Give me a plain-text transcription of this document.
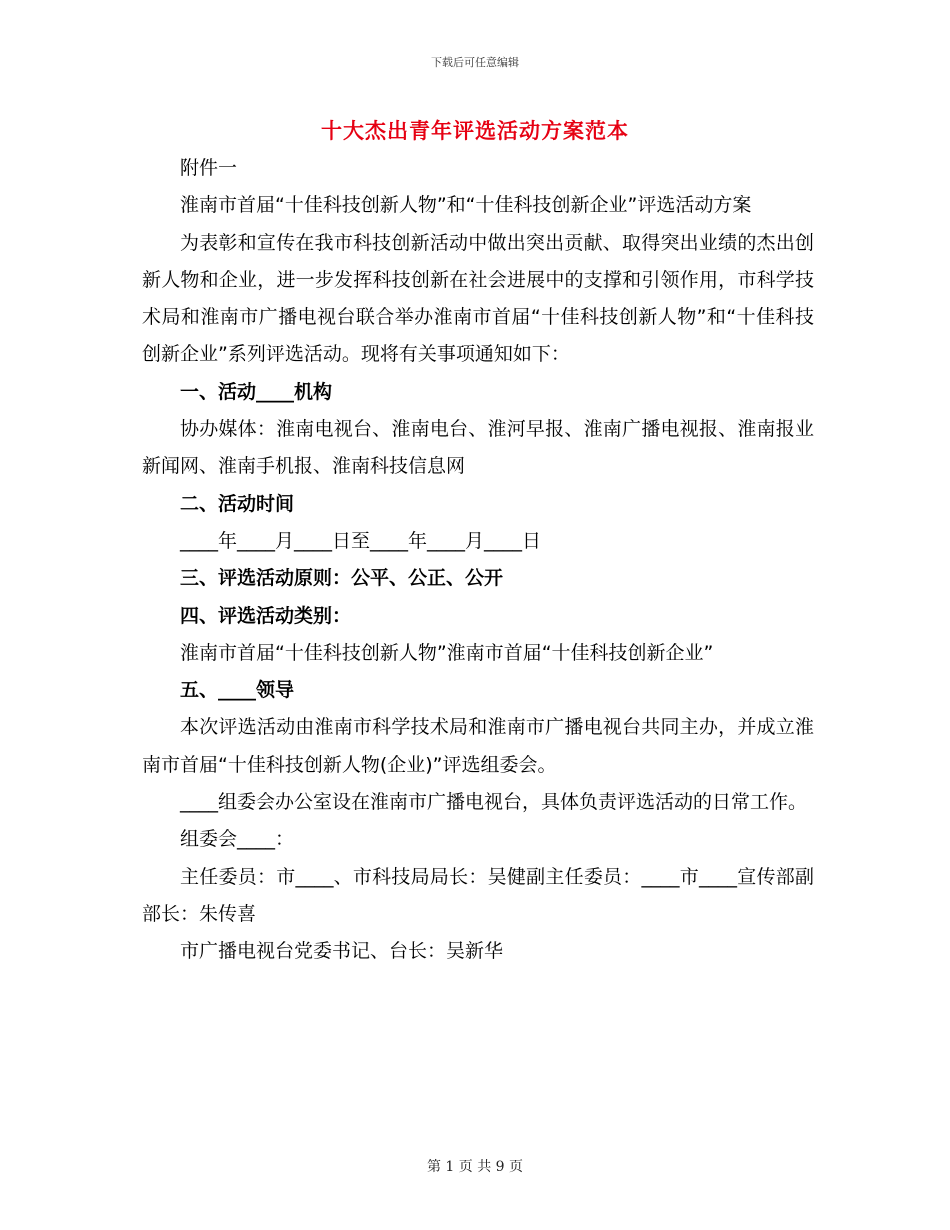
下载后可任意编辑
十大杰出青年评选活动方案范本

附件一

淮南市首届“十佳科技创新人物”和“十佳科技创新企业”评选活动方案

为表彰和宣传在我市科技创新活动中做出突出贡献、取得突出业绩的杰出创新人物和企业，进一步发挥科技创新在社会进展中的支撑和引领作用，市科学技术局和淮南市广播电视台联合举办淮南市首届“十佳科技创新人物”和“十佳科技创新企业”系列评选活动。现将有关事项通知如下：

一、活动____机构

协办媒体：淮南电视台、淮南电台、淮河早报、淮南广播电视报、淮南报业新闻网、淮南手机报、淮南科技信息网

二、活动时间

____年____月____日至____年____月____日

三、评选活动原则：公平、公正、公开

四、评选活动类别：

淮南市首届“十佳科技创新人物”淮南市首届“十佳科技创新企业”

五、____领导

本次评选活动由淮南市科学技术局和淮南市广播电视台共同主办，并成立淮南市首届“十佳科技创新人物(企业)”评选组委会。

____组委会办公室设在淮南市广播电视台，具体负责评选活动的日常工作。

组委会____：

主任委员：市____、市科技局局长：吴健副主任委员：____市____宣传部副部长：朱传喜

市广播电视台党委书记、台长：吴新华

第 1 页 共 9 页
